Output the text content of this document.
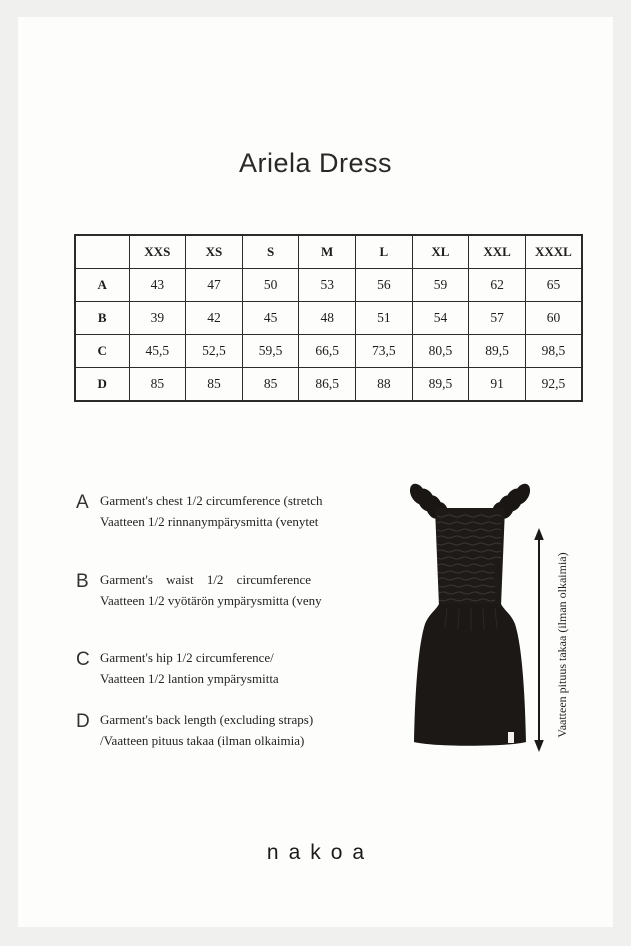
Ariela Dress
	XXS	XS	S	M	L	XL	XXL	XXXL
A	43	47	50	53	56	59	62	65
B	39	42	45	48	51	54	57	60
C	45,5	52,5	59,5	66,5	73,5	80,5	89,5	98,5
D	85	85	85	86,5	88	89,5	91	92,5
A Garment's chest 1/2 circumference (stretch
Vaatteen 1/2 rinnanympärysmitta (venytet
B Garment's waist 1/2 circumference
Vaatteen 1/2 vyötärön ympärysmitta (veny
C Garment's hip 1/2 circumference/
Vaatteen 1/2 lantion ympärysmitta
D Garment's back length (excluding straps)
/Vaatteen pituus takaa (ilman olkaimia)
Vaatteen pituus takaa (ilman olkaimia)
nakoa
